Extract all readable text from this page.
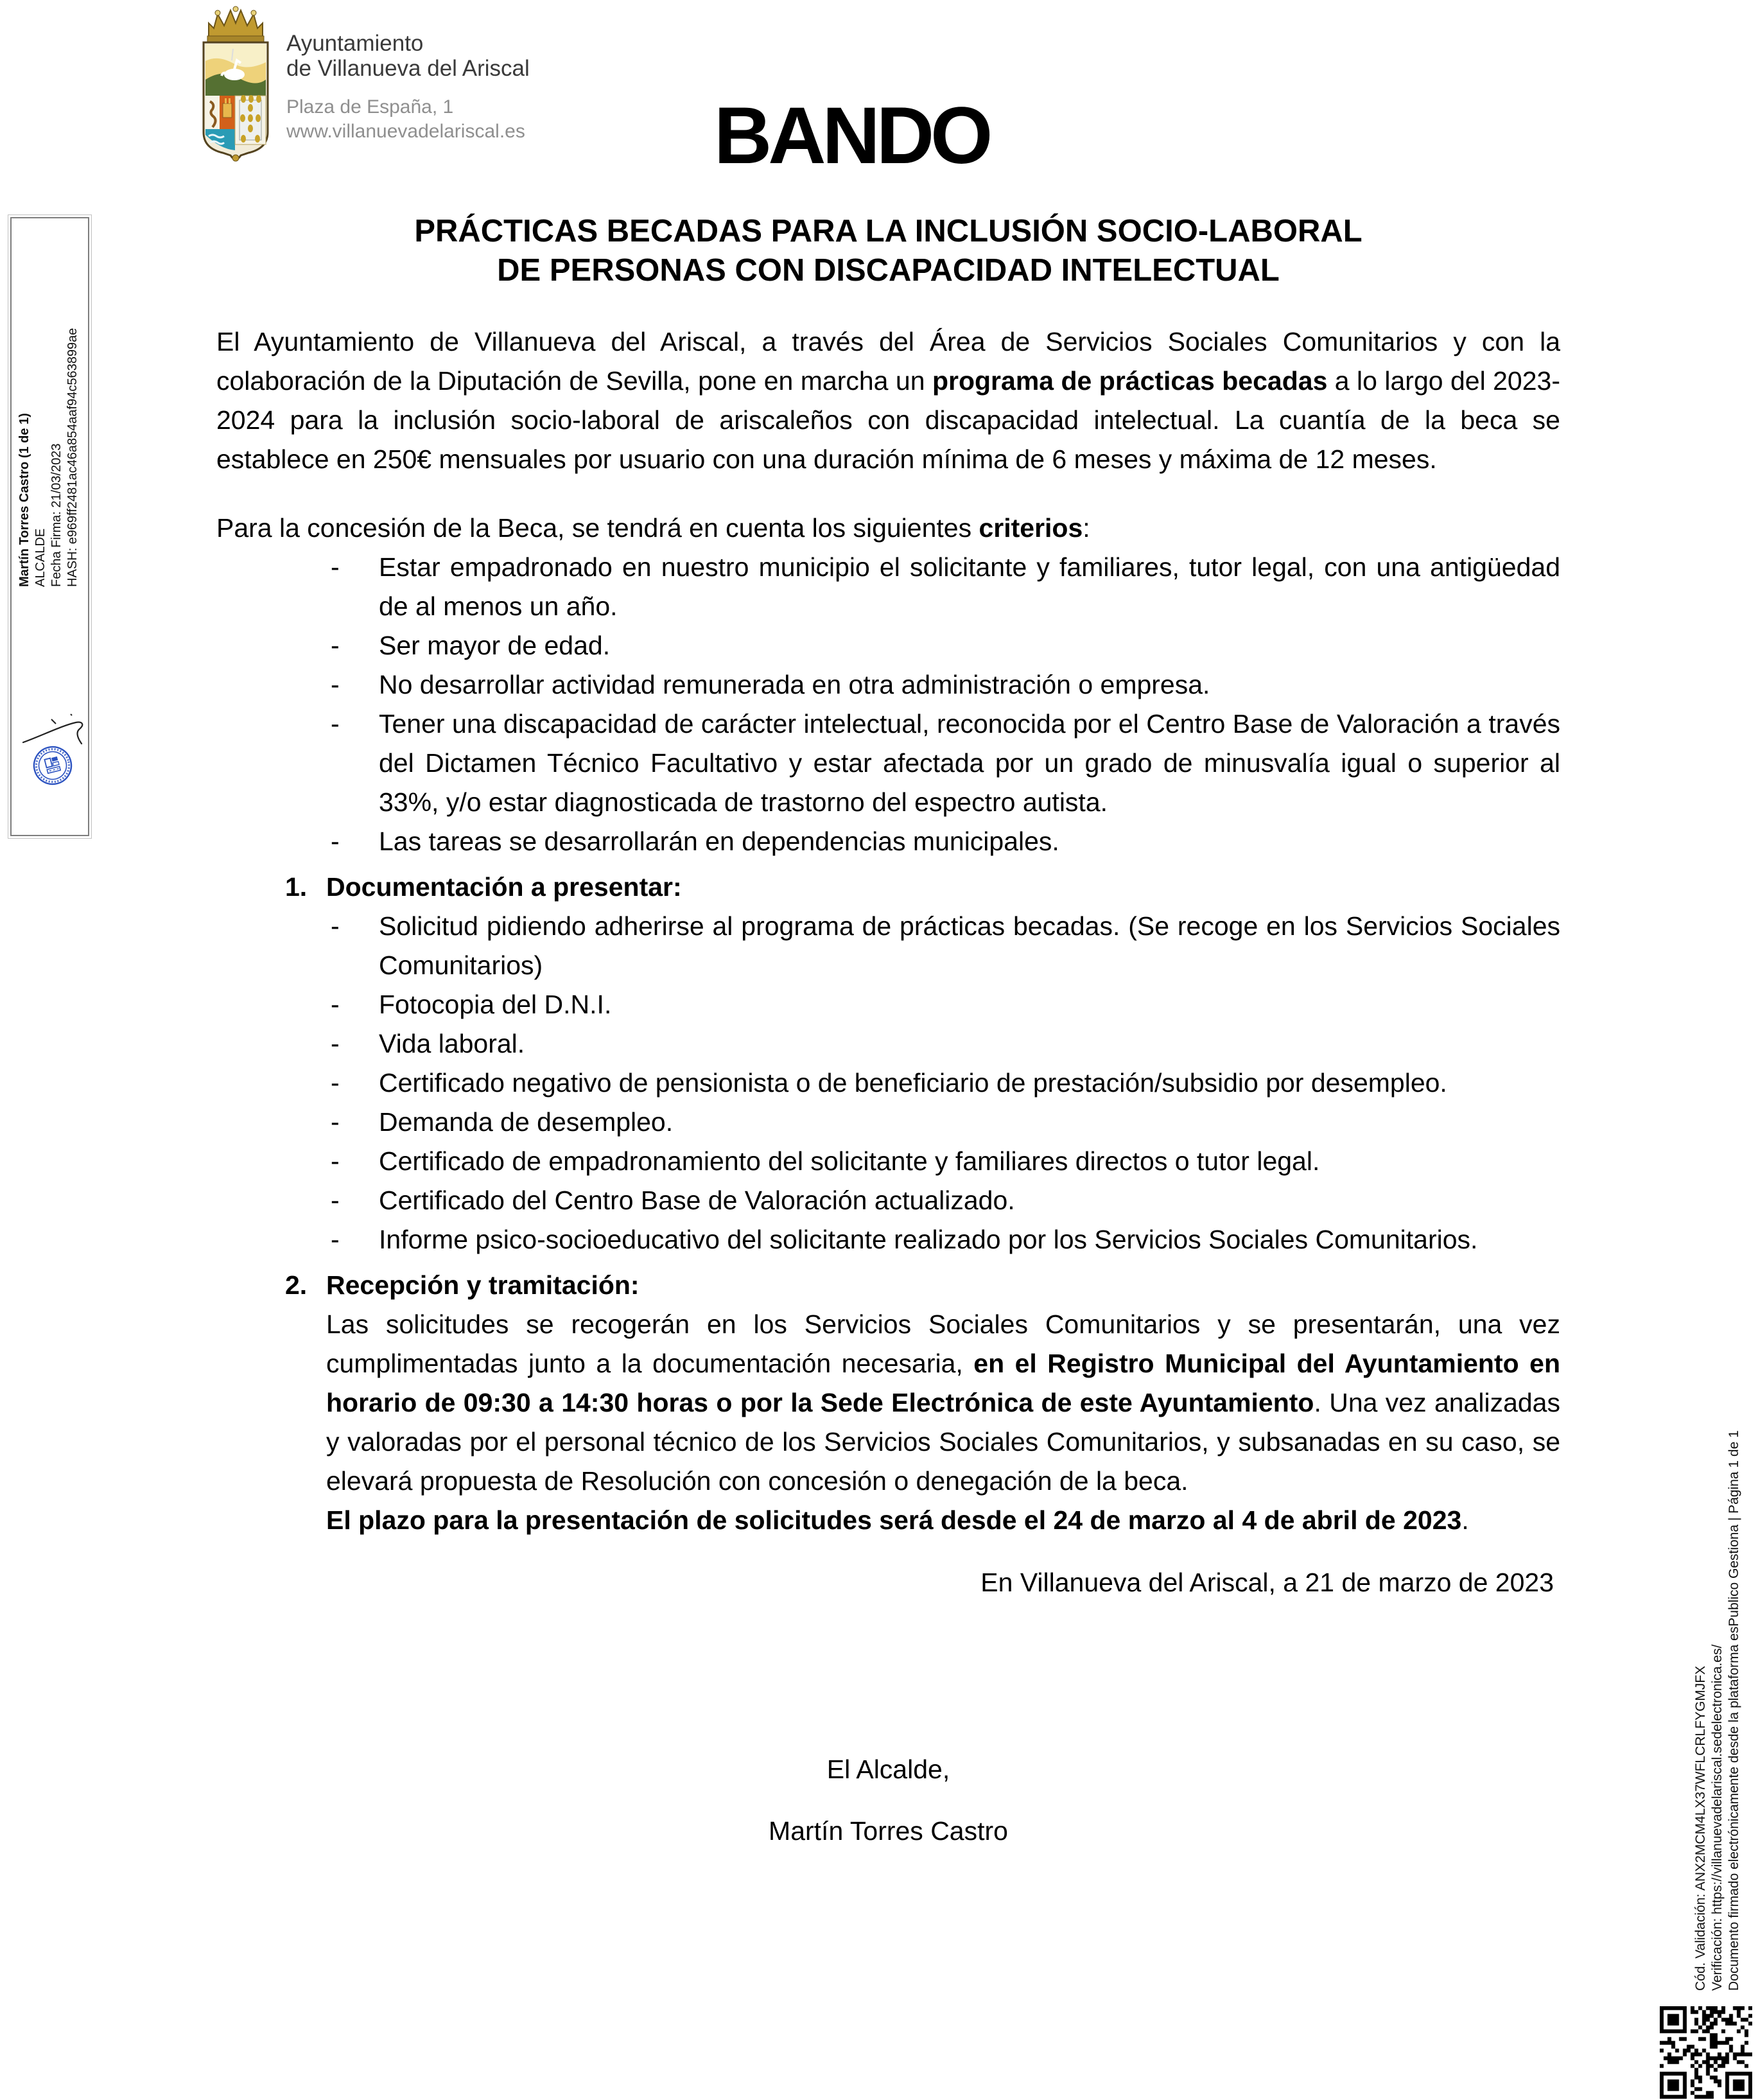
Ayuntamiento
de Villanueva del Ariscal
Plaza de España, 1
www.villanuevadelariscal.es BANDO
PRÁCTICAS BECADAS PARA LA INCLUSIÓN SOCIO-LABORAL
DE PERSONAS CON DISCAPACIDAD INTELECTUAL

El Ayuntamiento de Villanueva del Ariscal, a través del Área de Servicios Sociales Comunitarios y con la colaboración de la Diputación de Sevilla, pone en marcha un programa de prácticas becadas a lo largo del 2023-2024 para la inclusión socio-laboral de ariscaleños con discapacidad intelectual. La cuantía de la beca se establece en 250€ mensuales por usuario con una duración mínima de 6 meses y máxima de 12 meses.

Para la concesión de la Beca, se tendrá en cuenta los siguientes criterios:

- Estar empadronado en nuestro municipio el solicitante y familiares, tutor legal, con una antigüedad de al menos un año.
- Ser mayor de edad.
- No desarrollar actividad remunerada en otra administración o empresa.
- Tener una discapacidad de carácter intelectual, reconocida por el Centro Base de Valoración a través del Dictamen Técnico Facultativo y estar afectada por un grado de minusvalía igual o superior al 33%, y/o estar diagnosticada de trastorno del espectro autista.
- Las tareas se desarrollarán en dependencias municipales.
1. Documentación a presentar:
- Solicitud pidiendo adherirse al programa de prácticas becadas. (Se recoge en los Servicios Sociales Comunitarios)
- Fotocopia del D.N.I.
- Vida laboral.
- Certificado negativo de pensionista o de beneficiario de prestación/subsidio por desempleo.
- Demanda de desempleo.
- Certificado de empadronamiento del solicitante y familiares directos o tutor legal.
- Certificado del Centro Base de Valoración actualizado.
- Informe psico-socioeducativo del solicitante realizado por los Servicios Sociales Comunitarios.
2. Recepción y tramitación:

Las solicitudes se recogerán en los Servicios Sociales Comunitarios y se presentarán, una vez cumplimentadas junto a la documentación necesaria, en el Registro Municipal del Ayuntamiento en horario de 09:30 a 14:30 horas o por la Sede Electrónica de este Ayuntamiento. Una vez analizadas y valoradas por el personal técnico de los Servicios Sociales Comunitarios, y subsanadas en su caso, se elevará propuesta de Resolución con concesión o denegación de la beca.

El plazo para la presentación de solicitudes será desde el 24 de marzo al 4 de abril de 2023.

En Villanueva del Ariscal, a 21 de marzo de 2023

El Alcalde,
Martín Torres Castro
Martín Torres Castro (1 de 1) ALCALDE Fecha Firma: 21/03/2023 HASH: e969ff2481ac46a854aaf94c563899ae
Cód. Validación: ANX2MCM4LX37WFLCRLFYGMJFX Verificación: https://villanuevadelariscal.sedelectronica.es/ Documento firmado electrónicamente desde la plataforma esPublico Gestiona | Página 1 de 1
